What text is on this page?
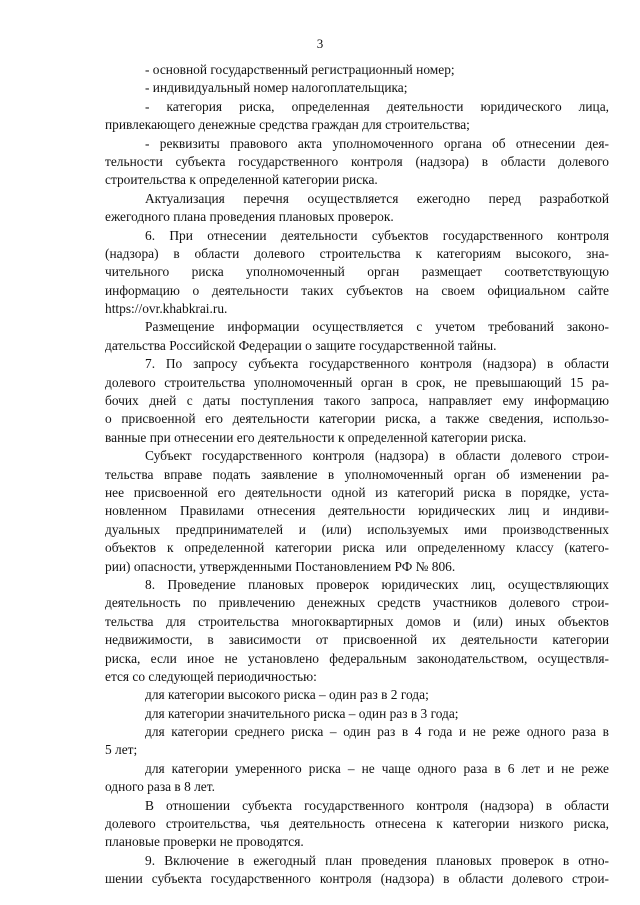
3
- основной государственный регистрационный номер;
- индивидуальный номер налогоплательщика;
- категория риска, определенная деятельности юридического лица,
привлекающего денежные средства граждан для строительства;
- реквизиты правового акта уполномоченного органа об отнесении дея-
тельности субъекта государственного контроля (надзора) в области долевого
строительства к определенной категории риска.
Актуализация перечня осуществляется ежегодно перед разработкой
ежегодного плана проведения плановых проверок.
6. При отнесении деятельности субъектов государственного контроля
(надзора) в области долевого строительства к категориям высокого, зна-
чительного риска уполномоченный орган размещает соответствующую
информацию о деятельности таких субъектов на своем официальном сайте
https://ovr.khabkrai.ru.
Размещение информации осуществляется с учетом требований законо-
дательства Российской Федерации о защите государственной тайны.
7. По запросу субъекта государственного контроля (надзора) в области
долевого строительства уполномоченный орган в срок, не превышающий 15 ра-
бочих дней с даты поступления такого запроса, направляет ему информацию
о присвоенной его деятельности категории риска, а также сведения, использо-
ванные при отнесении его деятельности к определенной категории риска.
Субъект государственного контроля (надзора) в области долевого строи-
тельства вправе подать заявление в уполномоченный орган об изменении ра-
нее присвоенной его деятельности одной из категорий риска в порядке, уста-
новленном Правилами отнесения деятельности юридических лиц и индиви-
дуальных предпринимателей и (или) используемых ими производственных
объектов к определенной категории риска или определенному классу (катего-
рии) опасности, утвержденными Постановлением РФ № 806.
8. Проведение плановых проверок юридических лиц, осуществляющих
деятельность по привлечению денежных средств участников долевого строи-
тельства для строительства многоквартирных домов и (или) иных объектов
недвижимости, в зависимости от присвоенной их деятельности категории
риска, если иное не установлено федеральным законодательством, осуществля-
ется со следующей периодичностью:
для категории высокого риска – один раз в 2 года;
для категории значительного риска – один раз в 3 года;
для категории среднего риска – один раз в 4 года и не реже одного раза в
5 лет;
для категории умеренного риска – не чаще одного раза в 6 лет и не реже
одного раза в 8 лет.
В отношении субъекта государственного контроля (надзора) в области
долевого строительства, чья деятельность отнесена к категории низкого риска,
плановые проверки не проводятся.
9. Включение в ежегодный план проведения плановых проверок в отно-
шении субъекта государственного контроля (надзора) в области долевого строи-
